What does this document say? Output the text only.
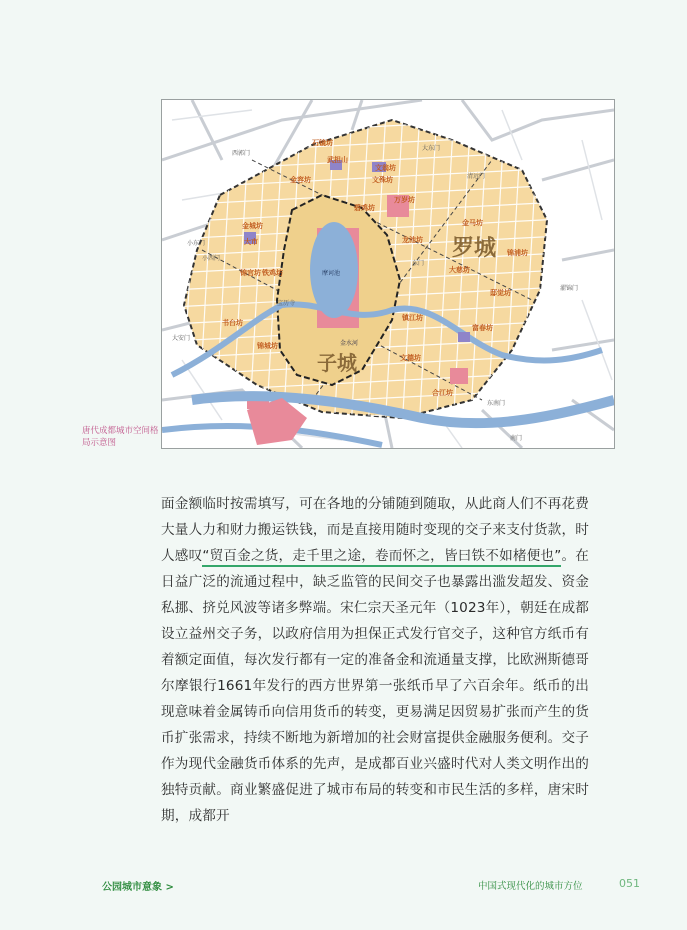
石镜坊
武担山
文翁坊
金容坊	文殊坊
碧鸡坊
万岁坊
金城坊
龙池坊
金马坊
锦浦坊
锦官坊 铁鸡坊	大慈坊
书台坊
邸觉坊
镇江坊
富春坊
锦城坊
文德坊
合江坊
大市
西郭门
大东门
清远门
小东门
小西门
宝历寺
东门
濯锦门
南门
大安门
东南门
罗城
子城
摩诃池
金水河
唐代成都城市空间格局示意图

面金额临时按需填写，可在各地的分铺随到随取，从此商人们不再花费大量人力和财力搬运铁钱，而是直接用随时变现的交子来支付货款，时人感叹“贸百金之货，走千里之途，卷而怀之，皆曰铁不如楮便也”。在日益广泛的流通过程中，缺乏监管的民间交子也暴露出滥发超发、资金私挪、挤兑风波等诸多弊端。宋仁宗天圣元年（1023年），朝廷在成都设立益州交子务，以政府信用为担保正式发行官交子，这种官方纸币有着额定面值，每次发行都有一定的准备金和流通量支撑，比欧洲斯德哥尔摩银行1661年发行的西方世界第一张纸币早了六百余年。纸币的出现意味着金属铸币向信用货币的转变，更易满足因贸易扩张而产生的货币扩张需求，持续不断地为新增加的社会财富提供金融服务便利。交子作为现代金融货币体系的先声，是成都百业兴盛时代对人类文明作出的独特贡献。商业繁盛促进了城市布局的转变和市民生活的多样，唐宋时期，成都开

公园城市意象 >	中国式现代化的城市方位	051
